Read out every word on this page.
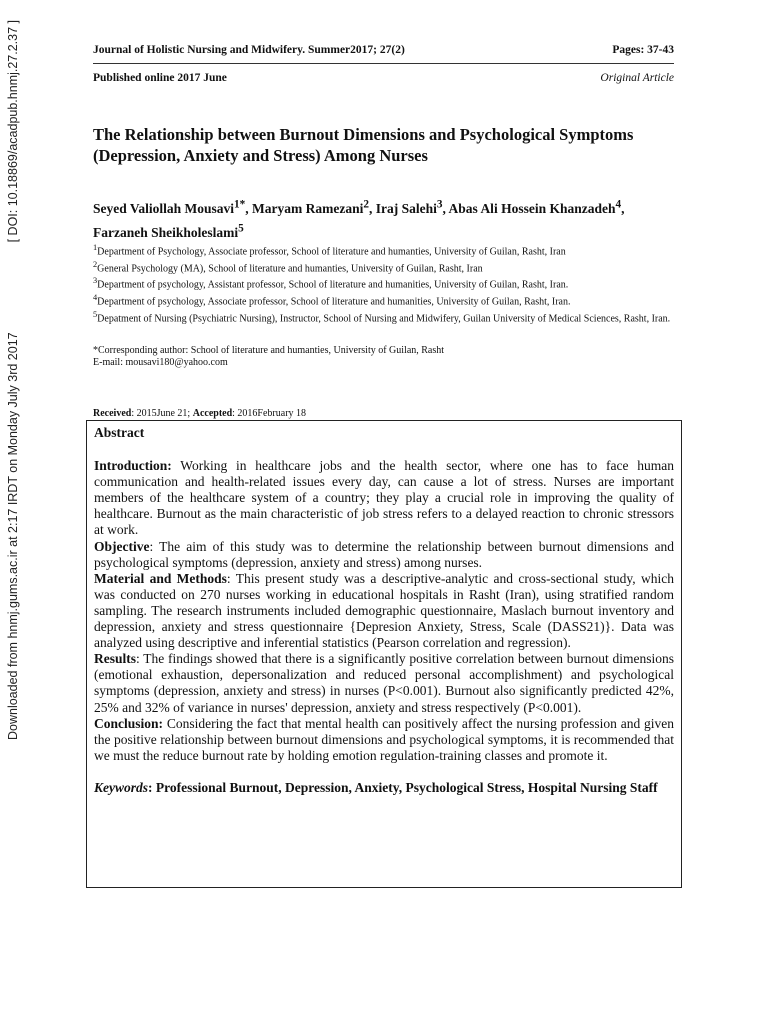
Downloaded from hnmj.gums.ac.ir at 2:17 IRDT on Monday July 3rd 2017
[ DOI: 10.18869/acadpub.hnmj.27.2.37 ]	Journal of Holistic Nursing and Midwifery. Summer2017; 27(2)	Pages: 37-43
Published online 2017 June	Original Article
The Relationship between Burnout Dimensions and Psychological Symptoms (Depression, Anxiety and Stress) Among Nurses
Seyed Valiollah Mousavi$^{1*}$, Maryam Ramezani$^2$, Iraj Salehi$^3$, Abas Ali Hossein Khanzadeh$^4$, Farzaneh Sheikholeslami$^5$

$^1$Department of Psychology, Associate professor, School of literature and humanties, University of Guilan, Rasht, Iran

$^2$General Psychology (MA), School of literature and humanties, University of Guilan, Rasht, Iran

$^3$Department of psychology, Assistant professor, School of literature and humanities, University of Guilan, Rasht, Iran.

$^4$Department of psychology, Associate professor, School of literature and humanities, University of Guilan, Rasht, Iran.

$^5$Depatment of Nursing (Psychiatric Nursing), Instructor, School of Nursing and Midwifery, Guilan University of Medical Sciences, Rasht, Iran.

*Corresponding author: School of literature and humanties, University of Guilan, Rasht

E-mail: mousavi180@yahoo.com

Received: 2015June 21; Accepted: 2016February 18

Abstract

Introduction: Working in healthcare jobs and the health sector, where one has to face human communication and health-related issues every day, can cause a lot of stress. Nurses are important members of the healthcare system of a country; they play a crucial role in improving the quality of healthcare. Burnout as the main characteristic of job stress refers to a delayed reaction to chronic stressors at work.

Objective: The aim of this study was to determine the relationship between burnout dimensions and psychological symptoms (depression, anxiety and stress) among nurses.

Material and Methods: This present study was a descriptive-analytic and cross-sectional study, which was conducted on 270 nurses working in educational hospitals in Rasht (Iran), using stratified random sampling. The research instruments included demographic questionnaire, Maslach burnout inventory and depression, anxiety and stress questionnaire {Depresion Anxiety, Stress, Scale (DASS21)}. Data was analyzed using descriptive and inferential statistics (Pearson correlation and regression).

Results: The findings showed that there is a significantly positive correlation between burnout dimensions (emotional exhaustion, depersonalization and reduced personal accomplishment) and psychological symptoms (depression, anxiety and stress) in nurses (P<0.001). Burnout also significantly predicted 42%, 25% and 32% of variance in nurses' depression, anxiety and stress respectively (P<0.001).

Conclusion: Considering the fact that mental health can positively affect the nursing profession and given the positive relationship between burnout dimensions and psychological symptoms, it is recommended that we must the reduce burnout rate by holding emotion regulation-training classes and promote it.

Keywords: Professional Burnout, Depression, Anxiety, Psychological Stress, Hospital Nursing Staff
